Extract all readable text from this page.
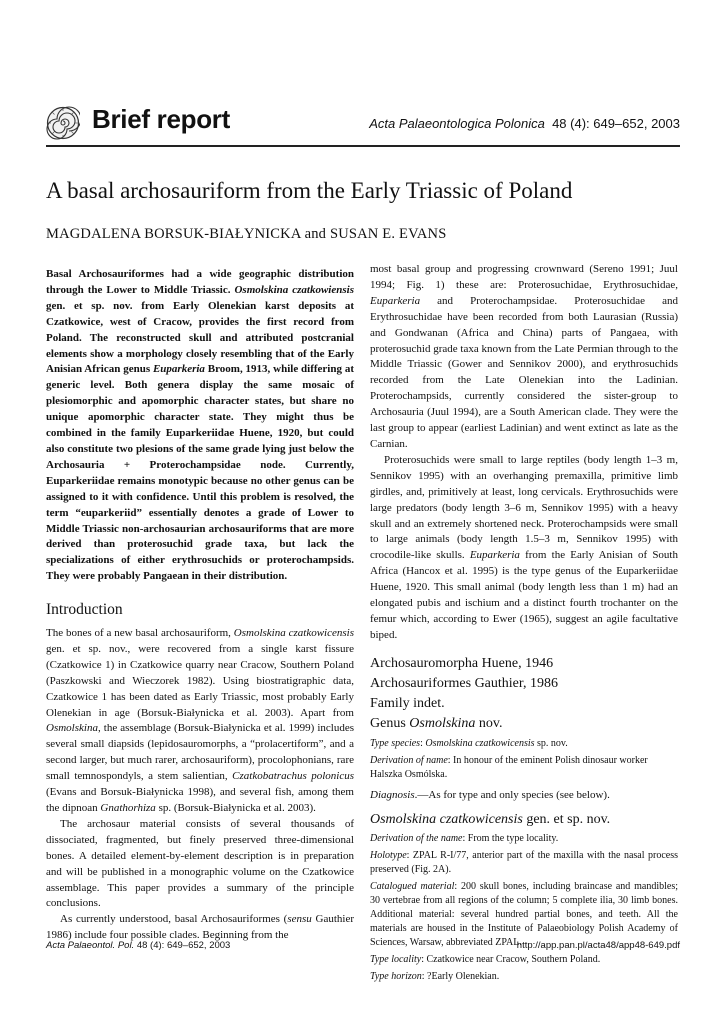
Brief report	Acta Palaeontologica Polonica 48 (4): 649–652, 2003
A basal archosauriform from the Early Triassic of Poland
MAGDALENA BORSUK-BIAŁYNICKA and SUSAN E. EVANS

Basal Archosauriformes had a wide geographic distribution through the Lower to Middle Triassic. Osmolskina czatkowiensis gen. et sp. nov. from Early Olenekian karst deposits at Czatkowice, west of Cracow, provides the first record from Poland. The reconstructed skull and attributed postcranial elements show a morphology closely resembling that of the Early Anisian African genus Euparkeria Broom, 1913, while differing at generic level. Both genera display the same mosaic of plesiomorphic and apomorphic character states, but share no unique apomorphic character state. They might thus be combined in the family Euparkeriidae Huene, 1920, but could also constitute two plesions of the same grade lying just below the Archosauria + Proterochampsidae node. Currently, Euparkeriidae remains monotypic because no other genus can be assigned to it with confidence. Until this problem is resolved, the term “euparkeriid” essentially denotes a grade of Lower to Middle Triassic non-archosaurian archosauriforms that are more derived than proterosuchid grade taxa, but lack the specializations of either erythrosuchids or proterochampsids. They were probably Pangaean in their distribution.

Introduction

The bones of a new basal archosauriform, Osmolskina czatkowicensis gen. et sp. nov., were recovered from a single karst fissure (Czatkowice 1) in Czatkowice quarry near Cracow, Southern Poland (Paszkowski and Wieczorek 1982). Using biostratigraphic data, Czatkowice 1 has been dated as Early Triassic, most probably Early Olenekian in age (Borsuk-Białynicka et al. 2003). Apart from Osmolskina, the assemblage (Borsuk-Białynicka et al. 1999) includes several small diapsids (lepidosauromorphs, a “prolacertiform”, and a second larger, but much rarer, archosauriform), procolophonians, rare small temnospondyls, a stem salientian, Czatkobatrachus polonicus (Evans and Borsuk-Białynicka 1998), and several fish, among them the dipnoan Gnathorhiza sp. (Borsuk-Białynicka et al. 2003).

The archosaur material consists of several thousands of dissociated, fragmented, but finely preserved three-dimensional bones. A detailed element-by-element description is in preparation and will be published in a monographic volume on the Czatkowice assemblage. This paper provides a summary of the principle conclusions.

As currently understood, basal Archosauriformes (sensu Gauthier 1986) include four possible clades. Beginning from the

most basal group and progressing crownward (Sereno 1991; Juul 1994; Fig. 1) these are: Proterosuchidae, Erythrosuchidae, Euparkeria and Proterochampsidae. Proterosuchidae and Erythrosuchidae have been recorded from both Laurasian (Russia) and Gondwanan (Africa and China) parts of Pangaea, with proterosuchid grade taxa known from the Late Permian through to the Middle Triassic (Gower and Sennikov 2000), and erythrosuchids recorded from the Late Olenekian into the Ladinian. Proterochampsids, currently considered the sister-group to Archosauria (Juul 1994), are a South American clade. They were the last group to appear (earliest Ladinian) and went extinct as late as the Carnian.

Proterosuchids were small to large reptiles (body length 1–3 m, Sennikov 1995) with an overhanging premaxilla, primitive limb girdles, and, primitively at least, long cervicals. Erythrosuchids were large predators (body length 3–6 m, Sennikov 1995) with a heavy skull and an extremely shortened neck. Proterochampsids were small to large animals (body length 1.5–3 m, Sennikov 1995) with crocodile-like skulls. Euparkeria from the Early Anisian of South Africa (Hancox et al. 1995) is the type genus of the Euparkeriidae Huene, 1920. This small animal (body length less than 1 m) had an elongated pubis and ischium and a distinct fourth trochanter on the femur which, according to Ewer (1965), suggest an agile facultative biped.

Archosauromorpha Huene, 1946

Archosauriformes Gauthier, 1986

Family indet.

Genus Osmolskina nov.

Type species: Osmolskina czatkowicensis sp. nov.

Derivation of name: In honour of the eminent Polish dinosaur worker Halszka Osmólska.

Diagnosis.—As for type and only species (see below).

Osmolskina czatkowicensis gen. et sp. nov.

Derivation of the name: From the type locality.

Holotype: ZPAL R-I/77, anterior part of the maxilla with the nasal process preserved (Fig. 2A).

Catalogued material: 200 skull bones, including braincase and mandibles; 30 vertebrae from all regions of the column; 5 complete ilia, 30 limb bones. Additional material: several hundred partial bones, and teeth. All the materials are housed in the Institute of Palaeobiology Polish Academy of Sciences, Warsaw, abbreviated ZPAL.

Type locality: Czatkowice near Cracow, Southern Poland.

Type horizon: ?Early Olenekian.

Acta Palaeontol. Pol. 48 (4): 649–652, 2003	http://app.pan.pl/acta48/app48-649.pdf
